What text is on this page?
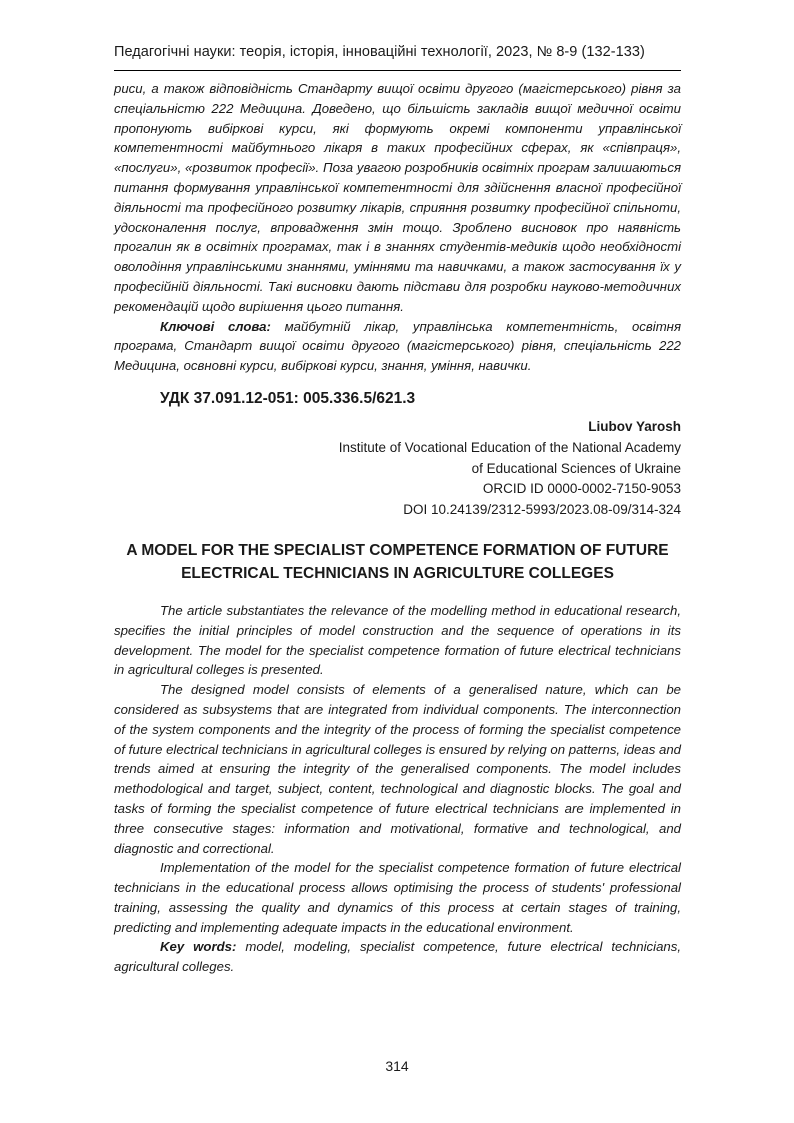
Педагогічні науки: теорія, історія, інноваційні технології, 2023, № 8-9 (132-133)

риси, а також відповідність Стандарту вищої освіти другого (магістерського) рівня за спеціальністю 222 Медицина. Доведено, що більшість закладів вищої медичної освіти пропонують вибіркові курси, які формують окремі компоненти управлінської компетентності майбутнього лікаря в таких професійних сферах, як «співпраця», «послуги», «розвиток професії». Поза увагою розробників освітніх програм залишаються питання формування управлінської компетентності для здійснення власної професійної діяльності та професійного розвитку лікарів, сприяння розвитку професійної спільноти, удосконалення послуг, впровадження змін тощо. Зроблено висновок про наявність прогалин як в освітніх програмах, так і в знаннях студентів-медиків щодо необхідності оволодіння управлінськими знаннями, уміннями та навичками, а також застосування їх у професійній діяльності. Такі висновки дають підстави для розробки науково-методичних рекомендацій щодо вирішення цього питання.

Ключові слова: майбутній лікар, управлінська компетентність, освітня програма, Стандарт вищої освіти другого (магістерського) рівня, спеціальність 222 Медицина, освновні курси, вибіркові курси, знання, уміння, навички.

УДК 37.091.12-051: 005.336.5/621.3
Liubov Yarosh
Institute of Vocational Education of the National Academy
of Educational Sciences of Ukraine
ORCID ID 0000-0002-7150-9053
DOI 10.24139/2312-5993/2023.08-09/314-324
A MODEL FOR THE SPECIALIST COMPETENCE FORMATION OF FUTURE
ELECTRICAL TECHNICIANS IN AGRICULTURE COLLEGES

The article substantiates the relevance of the modelling method in educational research, specifies the initial principles of model construction and the sequence of operations in its development. The model for the specialist competence formation of future electrical technicians in agricultural colleges is presented.

The designed model consists of elements of a generalised nature, which can be considered as subsystems that are integrated from individual components. The interconnection of the system components and the integrity of the process of forming the specialist competence of future electrical technicians in agricultural colleges is ensured by relying on patterns, ideas and trends aimed at ensuring the integrity of the generalised components. The model includes methodological and target, subject, content, technological and diagnostic blocks. The goal and tasks of forming the specialist competence of future electrical technicians are implemented in three consecutive stages: information and motivational, formative and technological, and diagnostic and correctional.

Implementation of the model for the specialist competence formation of future electrical technicians in the educational process allows optimising the process of students' professional training, assessing the quality and dynamics of this process at certain stages of training, predicting and implementing adequate impacts in the educational environment.

Key words: model, modeling, specialist competence, future electrical technicians, agricultural colleges.

314
